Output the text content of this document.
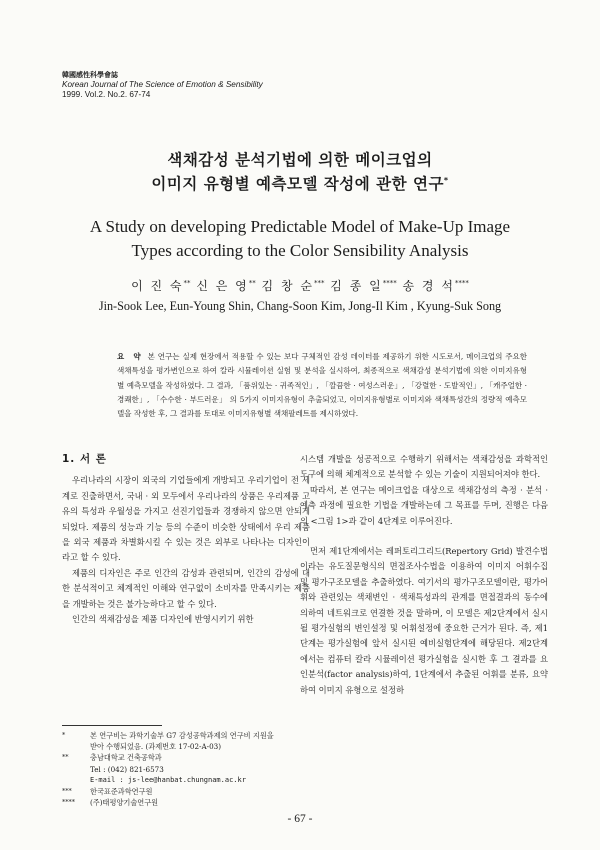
韓國感性科學會誌
Korean Journal of The Science of Emotion & Sensibility
1999. Vol.2. No.2. 67-74
색채감성 분석기법에 의한 메이크업의
이미지 유형별 예측모델 작성에 관한 연구*
A Study on developing Predictable Model of Make-Up Image
Types according to the Color Sensibility Analysis
이 진 숙** 신 은 영** 김 창 순*** 김 종 일**** 송 경 석****
Jin-Sook Lee, Eun-Young Shin, Chang-Soon Kim, Jong-Il Kim , Kyung-Suk Song
요 약 본 연구는 실제 현장에서 적용할 수 있는 보다 구체적인 감성 데이터를 제공하기 위한 시도로서, 메이크업의 주요한 색채특성을 평가변인으로 하여 칼라 시뮬레이션 실험 및 분석을 실시하여, 최종적으로 색채감성 분석기법에 의한 이미지유형별 예측모델을 작성하였다. 그 결과, 「품위있는 · 귀족적인」, 「깔끔한 · 여성스러운」, 「강렬한 · 도발적인」, 「캐주얼한 · 경쾌한」, 「수수한 · 부드러운」 의 5가지 이미지유형이 추출되었고, 이미지유형별로 이미지와 색채특성간의 정량적 예측모델을 작성한 후, 그 결과를 토대로 이미지유형별 색채팔레트를 제시하였다.
1. 서 론

우리나라의 시장이 외국의 기업들에게 개방되고 우리기업이 전 세계로 진출하면서, 국내 · 외 모두에서 우리나라의 상품은 우리제품 고유의 특성과 우월성을 가지고 선진기업들과 경쟁하지 않으면 안되게 되었다. 제품의 성능과 기능 등의 수준이 비슷한 상태에서 우리 제품을 외국 제품과 차별화시킬 수 있는 것은 외부로 나타나는 디자인이라고 할 수 있다.

제품의 디자인은 주로 인간의 감성과 관련되며, 인간의 감성에 대한 분석적이고 체계적인 이해와 연구없이 소비자를 만족시키는 제품을 개발하는 것은 불가능하다고 할 수 있다.

인간의 색채감성을 제품 디자인에 반영시키기 위한

시스템 개발을 성공적으로 수행하기 위해서는 색채감성을 과학적인 도구에 의해 체계적으로 분석할 수 있는 기술이 지원되어져야 한다.

따라서, 본 연구는 메이크업을 대상으로 색채감성의 측정 · 분석 · 예측 과정에 필요한 기법을 개발하는데 그 목표를 두며, 진행은 다음의 <그림 1>과 같이 4단계로 이루어진다.

먼저 제1단계에서는 레퍼토리그리드(Repertory Grid) 발견수법이라는 유도질문형식의 면접조사수법을 이용하여 이미지 어휘수집 및 평가구조모델을 추출하였다. 여기서의 평가구조모델이란, 평가어휘와 관련있는 색채변인 · 색채특성과의 관계를 면접결과의 동수에 의하여 네트워크로 연결한 것을 말하며, 이 모델은 제2단계에서 실시될 평가실험의 변인설정 및 어휘설정에 중요한 근거가 된다. 즉, 제1단계는 평가실험에 앞서 실시된 예비실험단계에 해당된다. 제2단계에서는 컴퓨터 칼라 시뮬레이션 평가실험을 실시한 후 그 결과를 요인분석(factor analysis)하여, 1단계에서 추출된 어휘를 분류, 요약하여 이미지 유형으로 설정하

*	본 연구비는 과학기술부 G7 감성공학과제의 연구비 지원을
받아 수행되었음. (과제번호 17-02-A-03)
**	충남대학교 건축공학과
Tel : (042) 821-6573
E-mail : js-lee@hanbat.chungnam.ac.kr
***	한국표준과학연구원
****	(주)태평양기술연구원
- 67 -
